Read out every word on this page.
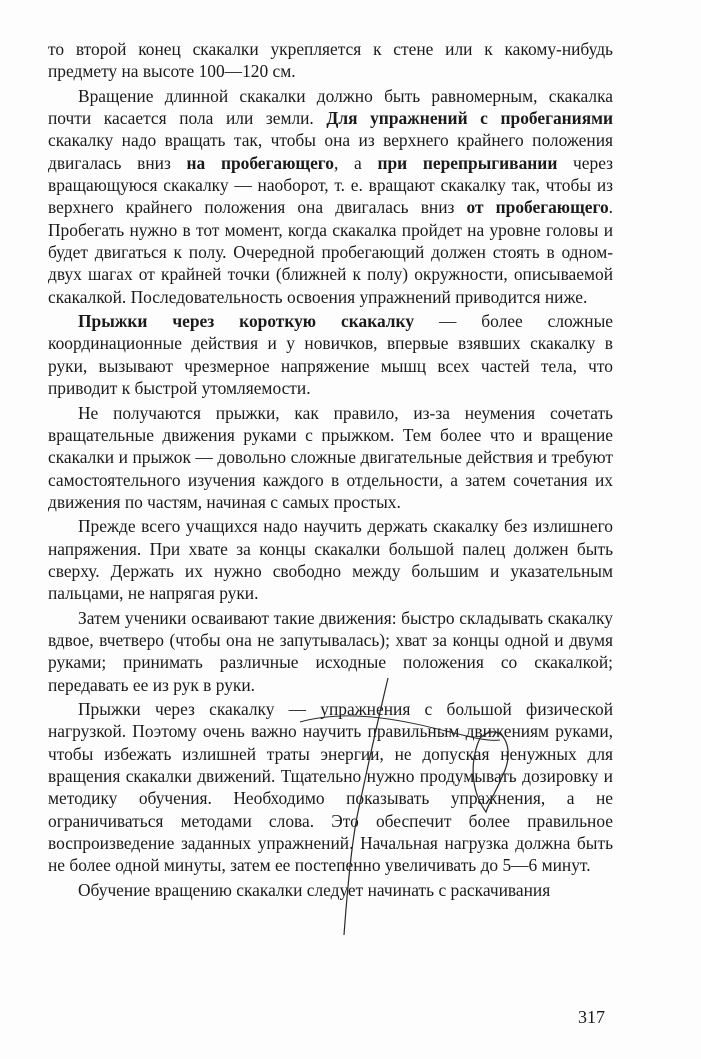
то второй конец скакалки укрепляется к стене или к какому-нибудь предмету на высоте 100—120 см.

Вращение длинной скакалки должно быть равномерным, скакалка почти касается пола или земли. Для упражнений с пробеганиями скакалку надо вращать так, чтобы она из верхнего крайнего положения двигалась вниз на пробегающего, а при перепрыгивании через вращающуюся скакалку — наоборот, т. е. вращают скакалку так, чтобы из верхнего крайнего положения она двигалась вниз от пробегающего. Пробегать нужно в тот момент, когда скакалка пройдет на уровне головы и будет двигаться к полу. Очередной пробегающий должен стоять в одном-двух шагах от крайней точки (ближней к полу) окружности, описываемой скакалкой. Последовательность освоения упражнений приводится ниже.

Прыжки через короткую скакалку — более сложные координационные действия и у новичков, впервые взявших скакалку в руки, вызывают чрезмерное напряжение мышц всех частей тела, что приводит к быстрой утомляемости.

Не получаются прыжки, как правило, из-за неумения сочетать вращательные движения руками с прыжком. Тем более что и вращение скакалки и прыжок — довольно сложные двигательные действия и требуют самостоятельного изучения каждого в отдельности, а затем сочетания их движения по частям, начиная с самых простых.

Прежде всего учащихся надо научить держать скакалку без излишнего напряжения. При хвате за концы скакалки большой палец должен быть сверху. Держать их нужно свободно между большим и указательным пальцами, не напрягая руки.

Затем ученики осваивают такие движения: быстро складывать скакалку вдвое, вчетверо (чтобы она не запутывалась); хват за концы одной и двумя руками; принимать различные исходные положения со скакалкой; передавать ее из рук в руки.

Прыжки через скакалку — упражнения с большой физической нагрузкой. Поэтому очень важно научить правильным движениям руками, чтобы избежать излишней траты энергии, не допуская ненужных для вращения скакалки движений. Тщательно нужно продумывать дозировку и методику обучения. Необходимо показывать упражнения, а не ограничиваться методами слова. Это обеспечит более правильное воспроизведение заданных упражнений. Начальная нагрузка должна быть не более одной минуты, затем ее постепенно увеличивать до 5—6 минут.

Обучение вращению скакалки следует начинать с раскачивания

317
